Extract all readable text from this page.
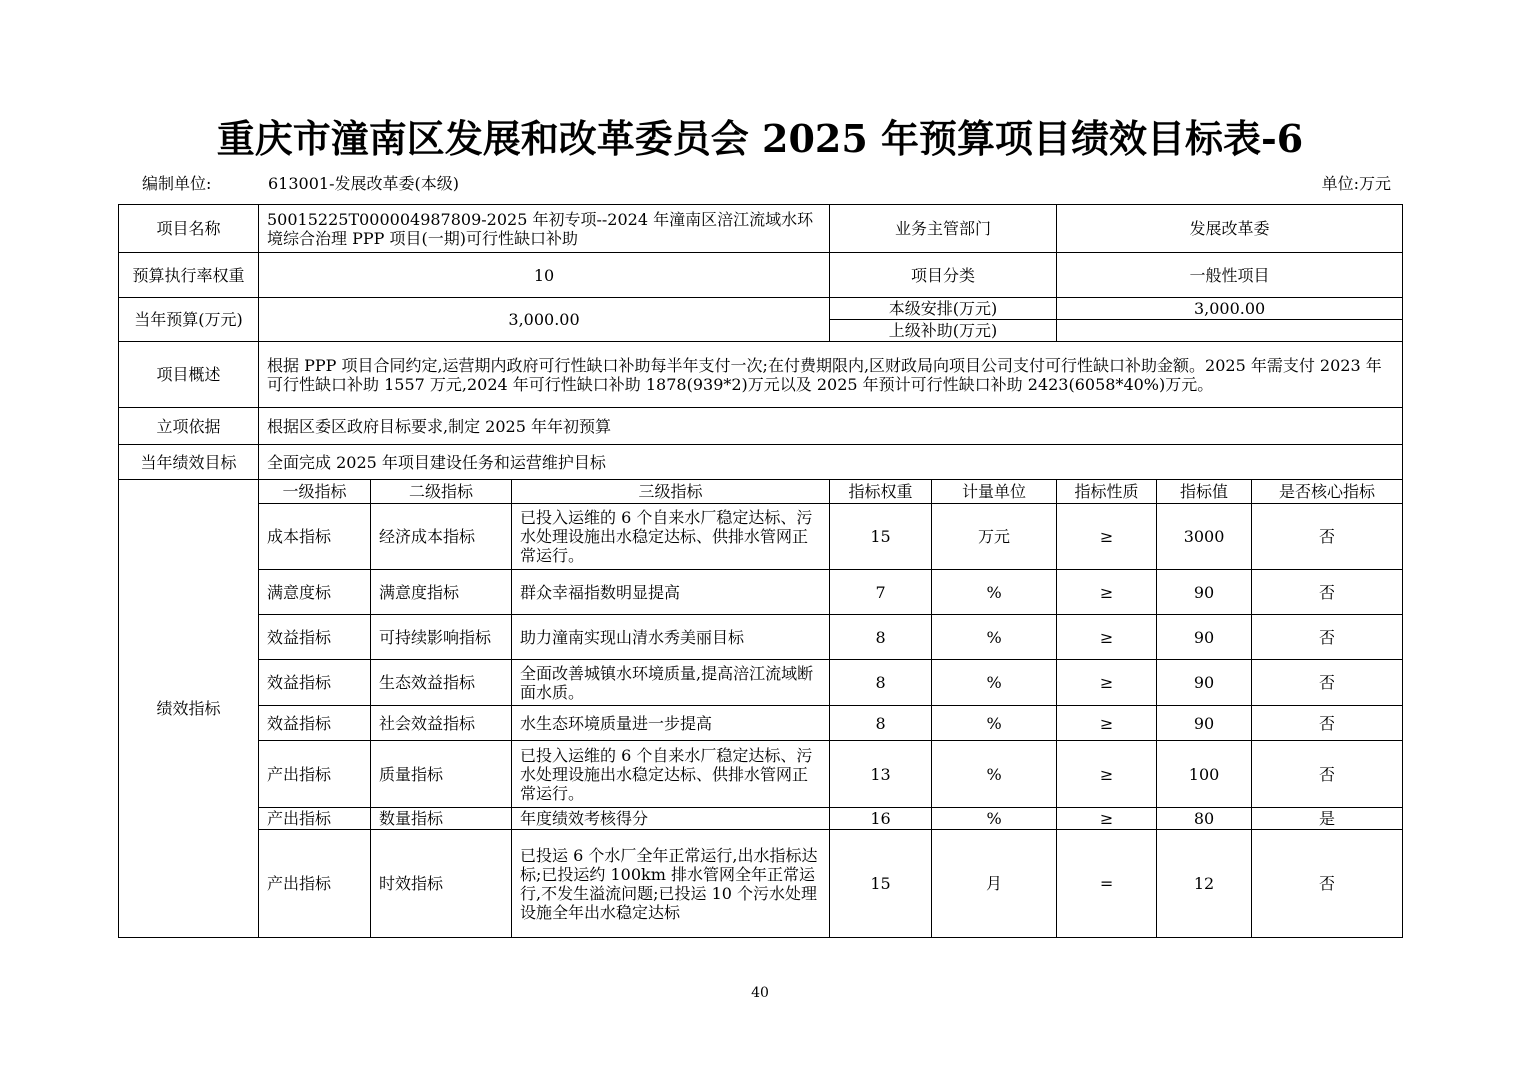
重庆市潼南区发展和改革委员会 2025 年预算项目绩效目标表-6
编制单位:	613001-发展改革委(本级)	单位:万元
项目名称	50015225T000004987809-2025 年初专项--2024 年潼南区涪江流域水环境综合治理 PPP 项目(一期)可行性缺口补助			业务主管部门		发展改革委		
预算执行率权重	10			项目分类		一般性项目		
当年预算(万元)	3,000.00			本级安排(万元)		3,000.00		
				上级补助(万元)				
项目概述	根据 PPP 项目合同约定,运营期内政府可行性缺口补助每半年支付一次;在付费期限内,区财政局向项目公司支付可行性缺口补助金额。2025 年需支付 2023 年可行性缺口补助 1557 万元,2024 年可行性缺口补助 1878(939*2)万元以及 2025 年预计可行性缺口补助 2423(6058*40%)万元。							
立项依据	根据区委区政府目标要求,制定 2025 年年初预算							
当年绩效目标	全面完成 2025 年项目建设任务和运营维护目标							
绩效指标	一级指标	二级指标	三级指标	指标权重	计量单位	指标性质	指标值	是否核心指标
	成本指标	经济成本指标	已投入运维的 6 个自来水厂稳定达标、污水处理设施出水稳定达标、供排水管网正常运行。	15	万元	≥	3000	否
	满意度标	满意度指标	群众幸福指数明显提高	7	%	≥	90	否
	效益指标	可持续影响指标	助力潼南实现山清水秀美丽目标	8	%	≥	90	否
	效益指标	生态效益指标	全面改善城镇水环境质量,提高涪江流域断面水质。	8	%	≥	90	否
	效益指标	社会效益指标	水生态环境质量进一步提高	8	%	≥	90	否
	产出指标	质量指标	已投入运维的 6 个自来水厂稳定达标、污水处理设施出水稳定达标、供排水管网正常运行。	13	%	≥	100	否
	产出指标	数量指标	年度绩效考核得分	16	%	≥	80	是
	产出指标	时效指标	已投运 6 个水厂全年正常运行,出水指标达标;已投运约 100km 排水管网全年正常运行,不发生溢流问题;已投运 10 个污水处理设施全年出水稳定达标	15	月	=	12	否
40
